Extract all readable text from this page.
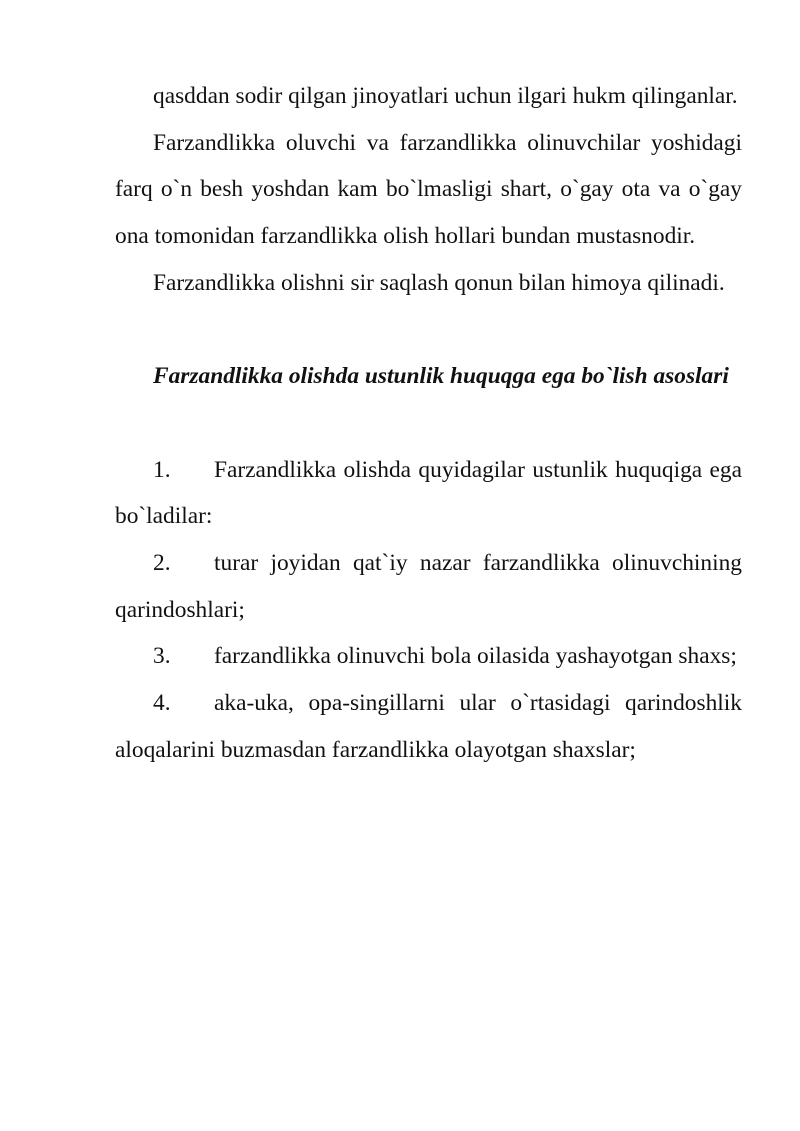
qasddan sodir qilgan jinoyatlari uchun ilgari hukm qilinganlar.

Farzandlikka oluvchi va farzandlikka olinuvchilar yoshidagi farq o`n besh yoshdan kam bo`lmasligi shart, o`gay ota va o`gay ona tomonidan farzandlikka olish hollari bundan mustasnodir.

Farzandlikka olishni sir saqlash qonun bilan himoya qilinadi.

Farzandlikka olishda ustunlik huquqga ega bo`lish asoslari

1. Farzandlikka olishda quyidagilar ustunlik huquqiga ega bo`ladilar:

2. turar joyidan qat`iy nazar farzandlikka olinuvchining qarindoshlari;

3. farzandlikka olinuvchi bola oilasida yashayotgan shaxs;

4. aka-uka, opa-singillarni ular o`rtasidagi qarindoshlik aloqalarini buzmasdan farzandlikka olayotgan shaxslar;
